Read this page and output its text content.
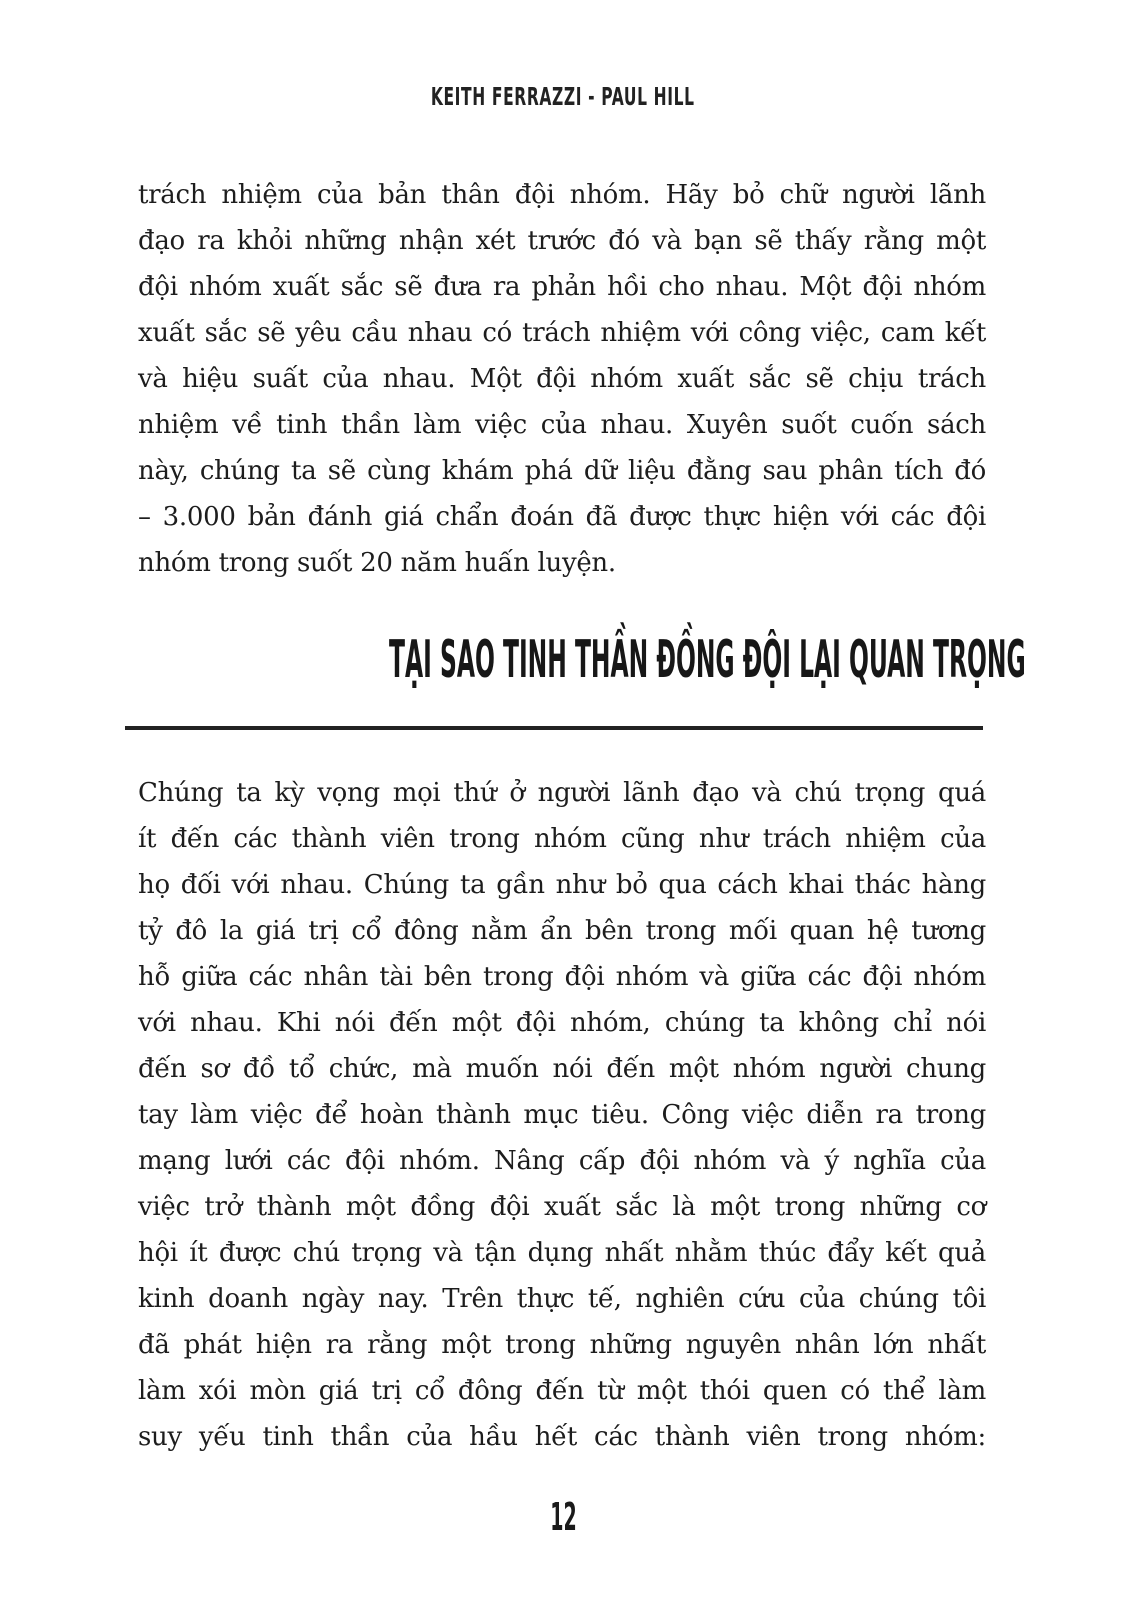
KEITH FERRAZZI - PAUL HILL
trách nhiệm của bản thân đội nhóm. Hãy bỏ chữ người lãnh
đạo ra khỏi những nhận xét trước đó và bạn sẽ thấy rằng một
đội nhóm xuất sắc sẽ đưa ra phản hồi cho nhau. Một đội nhóm
xuất sắc sẽ yêu cầu nhau có trách nhiệm với công việc, cam kết
và hiệu suất của nhau. Một đội nhóm xuất sắc sẽ chịu trách
nhiệm về tinh thần làm việc của nhau. Xuyên suốt cuốn sách
này, chúng ta sẽ cùng khám phá dữ liệu đằng sau phân tích đó
– 3.000 bản đánh giá chẩn đoán đã được thực hiện với các đội
nhóm trong suốt 20 năm huấn luyện.
TẠI SAO TINH THẦN ĐỒNG ĐỘI LẠI QUAN TRỌNG
Chúng ta kỳ vọng mọi thứ ở người lãnh đạo và chú trọng quá
ít đến các thành viên trong nhóm cũng như trách nhiệm của
họ đối với nhau. Chúng ta gần như bỏ qua cách khai thác hàng
tỷ đô la giá trị cổ đông nằm ẩn bên trong mối quan hệ tương
hỗ giữa các nhân tài bên trong đội nhóm và giữa các đội nhóm
với nhau. Khi nói đến một đội nhóm, chúng ta không chỉ nói
đến sơ đồ tổ chức, mà muốn nói đến một nhóm người chung
tay làm việc để hoàn thành mục tiêu. Công việc diễn ra trong
mạng lưới các đội nhóm. Nâng cấp đội nhóm và ý nghĩa của
việc trở thành một đồng đội xuất sắc là một trong những cơ
hội ít được chú trọng và tận dụng nhất nhằm thúc đẩy kết quả
kinh doanh ngày nay. Trên thực tế, nghiên cứu của chúng tôi
đã phát hiện ra rằng một trong những nguyên nhân lớn nhất
làm xói mòn giá trị cổ đông đến từ một thói quen có thể làm
suy yếu tinh thần của hầu hết các thành viên trong nhóm:
12
